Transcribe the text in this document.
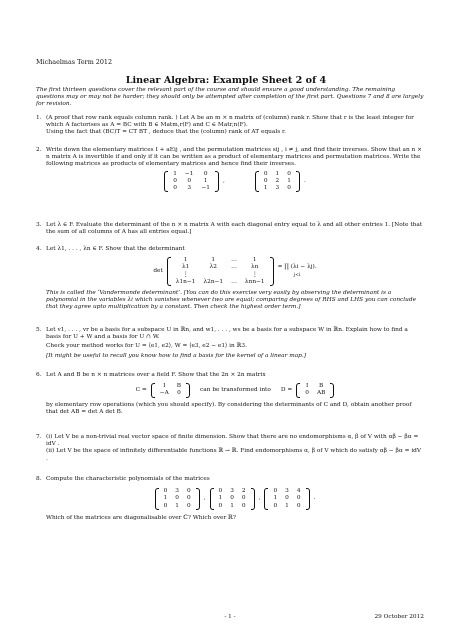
Michaelmas Term 2012
Linear Algebra: Example Sheet 2 of 4
The first thirteen questions cover the relevant part of the course and should ensure a good understanding. The remaining questions may or may not be harder; they should only be attempted after completion of the first part. Questions 7 and 8 are largely for revision.
1. (A proof that row rank equals column rank. ) Let A be an m × n matrix of (column) rank r. Show that r is the least integer for which A factorises as A = BC with B ∈ Matm,r(F) and C ∈ Matr,n(F).

Using the fact that (BC)T = CT BT , deduce that the (column) rank of AT equals r.

2. Write down the elementary matrices I + aEij , and the permutation matrices sij , i ≠ j, and find their inverses. Show that an n × n matrix A is invertible if and only if it can be written as a product of elementary matrices and permutation matrices. Write the following matrices as products of elementary matrices and hence find their inverses.

1	−1	0
0	0	1
0	3	−1
,
0	1	0
0	2	1
1	3	0
.
3. Let λ ∈ F. Evaluate the determinant of the n × n matrix A with each diagonal entry equal to λ and all other entries 1. [Note that the sum of all columns of A has all entries equal.]

4. Let λ1, . . . , λn ∈ F. Show that the determinant

det
1	1	…	1
λ1	λ2	…	λn
⋮			⋮
λ1n−1	λ2n−1	…	λnn−1
= ∏ (λi − λj).
j<i

This is called the ‘Vandermonde determinant’. [You can do this exercise very easily by observing the determinant is a polynomial in the variables λi which vanishes whenever two are equal; comparing degrees of RHS and LHS you can conclude that they agree upto multiplication by a constant. Then check the highest order term.]

5. Let v1, . . . , vr be a basis for a subspace U in ℝn, and w1, . . . , ws be a basis for a subspace W in ℝn. Explain how to find a basis for U + W and a basis for U ∩ W.

Check your method works for U = ⟨e1, e2⟩, W = ⟨e3, e2 − e1⟩ in ℝ3.

[It might be useful to recall you know how to find a basis for the kernel of a linear map.]

6. Let A and B be n × n matrices over a field F. Show that the 2n × 2n matrix

C =
I	B
−A	0
can be transformed into D =
I	B
0	AB

by elementary row operations (which you should specify). By considering the determinants of C and D, obtain another proof that det AB = det A det B.

7. (i) Let V be a non-trivial real vector space of finite dimension. Show that there are no endomorphisms α, β of V with αβ − βα = idV .

(ii) Let V be the space of infinitely differentiable functions ℝ → ℝ. Find endomorphisms α, β of V which do satisfy αβ − βα = idV .

8. Compute the characteristic polynomials of the matrices

0	3	0
1	0	0
0	1	0
,
0	3	2
1	0	0
0	1	0
,
0	3	4
1	0	0
0	1	0
.

Which of the matrices are diagonalisable over ℂ? Which over ℝ?

- 1 -	29 October 2012
